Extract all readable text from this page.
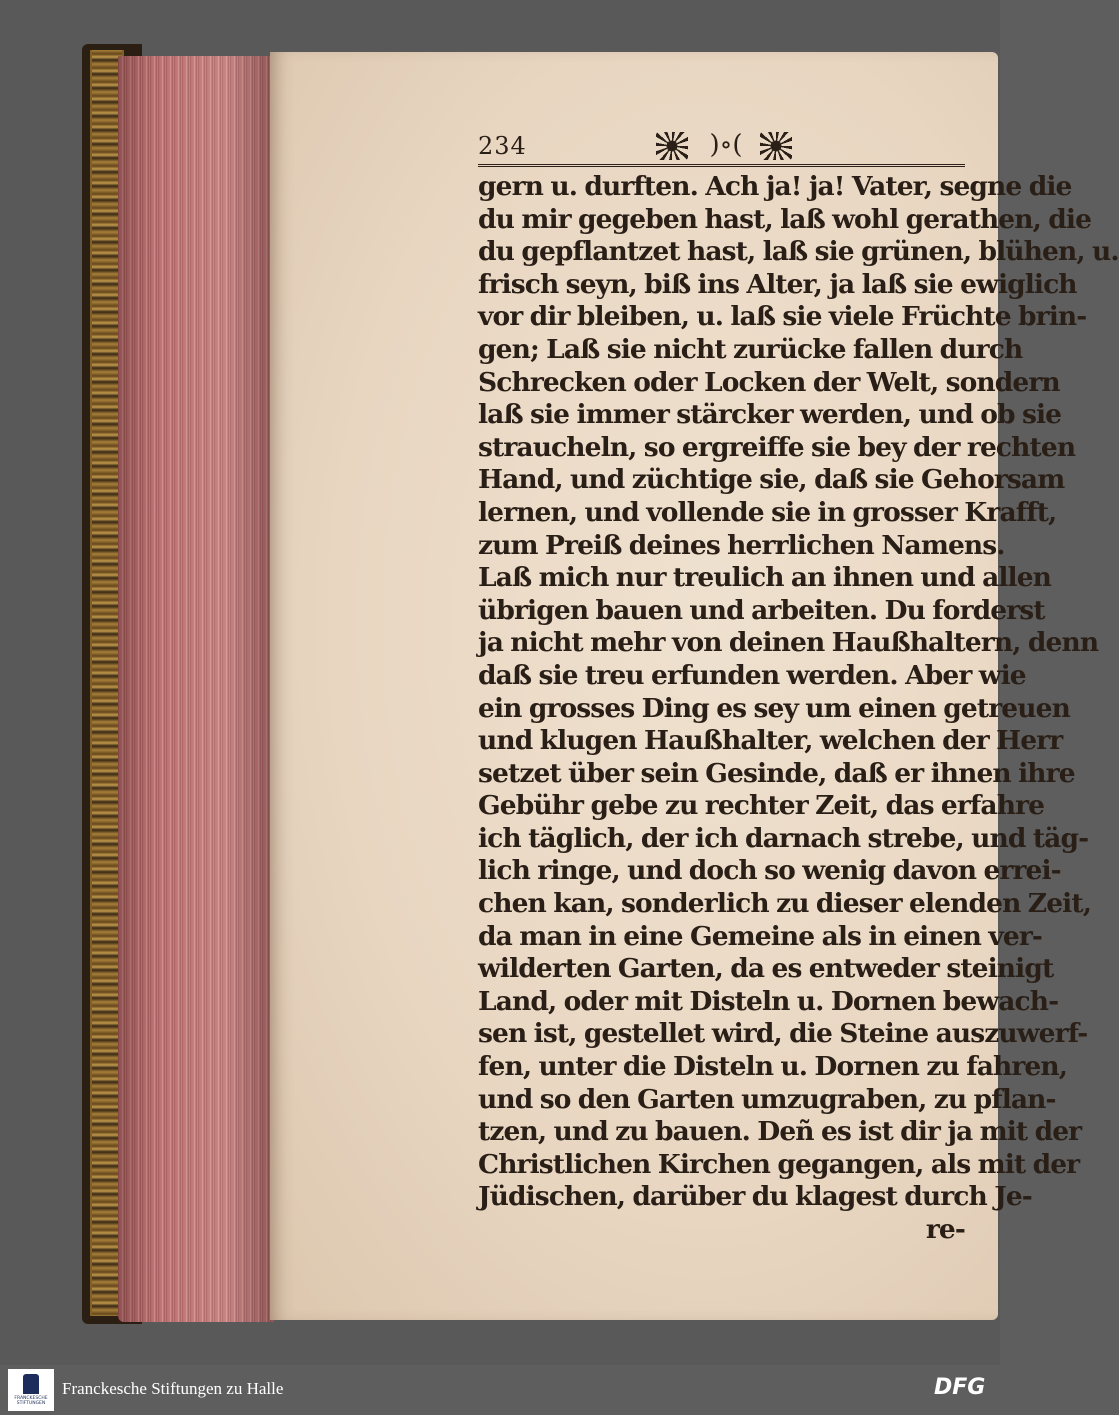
234	)∘(
gern u. durften. Ach ja! ja! Vater, segne die
du mir gegeben hast, laß wohl gerathen, die
du gepflantzet hast, laß sie grünen, blühen, u.
frisch seyn, biß ins Alter, ja laß sie ewiglich
vor dir bleiben, u. laß sie viele Früchte brin-
gen; Laß sie nicht zurücke fallen durch
Schrecken oder Locken der Welt, sondern
laß sie immer stärcker werden, und ob sie
straucheln, so ergreiffe sie bey der rechten
Hand, und züchtige sie, daß sie Gehorsam
lernen, und vollende sie in grosser Krafft,
zum Preiß deines herrlichen Namens.
Laß mich nur treulich an ihnen und allen
übrigen bauen und arbeiten. Du forderst
ja nicht mehr von deinen Haußhaltern, denn
daß sie treu erfunden werden. Aber wie
ein grosses Ding es sey um einen getreuen
und klugen Haußhalter, welchen der Herr
setzet über sein Gesinde, daß er ihnen ihre
Gebühr gebe zu rechter Zeit, das erfahre
ich täglich, der ich darnach strebe, und täg-
lich ringe, und doch so wenig davon errei-
chen kan, sonderlich zu dieser elenden Zeit,
da man in eine Gemeine als in einen ver-
wilderten Garten, da es entweder steinigt
Land, oder mit Disteln u. Dornen bewach-
sen ist, gestellet wird, die Steine auszuwerf-
fen, unter die Disteln u. Dornen zu fahren,
und so den Garten umzugraben, zu pflan-
tzen, und zu bauen. Deñ es ist dir ja mit der
Christlichen Kirchen gegangen, als mit der
Jüdischen, darüber du klagest durch Je-
re-
FRANCKESCHE STIFTUNGEN
Franckesche Stiftungen zu Halle	DFG
